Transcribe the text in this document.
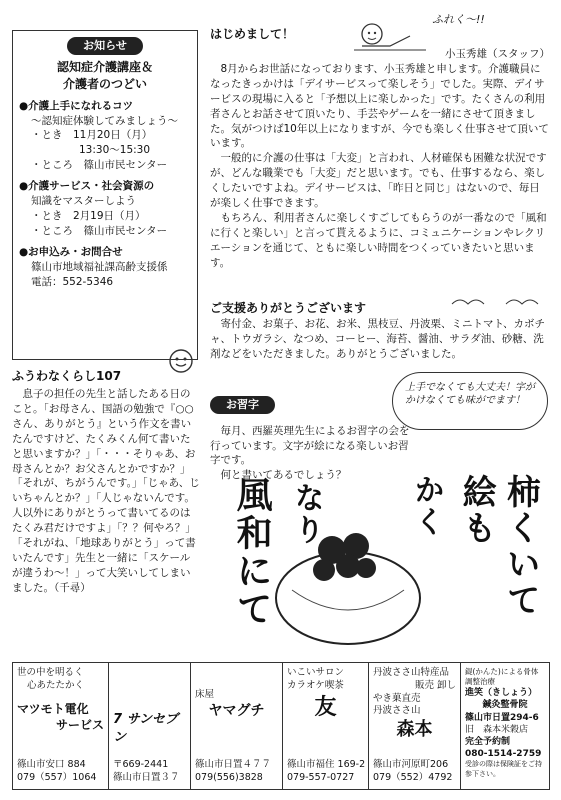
お知らせ
認知症介護講座＆
介護者のつどい
●介護上手になれるコツ
～認知症体験してみましょう～
・とき　11月20日（月）
13:30～15:30
・ところ　篠山市民センター
●介護サービス・社会資源の
知識をマスターしよう
・とき　2月19日（月）
・ところ　篠山市民センター
●お申込み・お問合せ
篠山市地域福祉課高齢支援係
電話：552-5346
ふうわなくらし107

息子の担任の先生と話したある日のこと。「お母さん、国語の勉強で『○○さん、ありがとう』という作文を書いたんですけど、たくみくん何て書いたと思いますか？」「・・・そりゃあ、お母さんとか？お父さんとかですか？」「それが、ちがうんです。」「じゃあ、じいちゃんとか？」「人じゃないんです。人以外にありがとうって書いてるのはたくみ君だけですよ」「？？何やろ？」「それがね、「地球ありがとう」って書いたんです」先生と一緒に「スケールが違うわ～！」って大笑いしてしまいました。（千尋）

はじめまして！
ふれく～!!
小玉秀雄（スタッフ）

8月からお世話になっております、小玉秀雄と申します。介護職員になったきっかけは「デイサービスって楽しそう」でした。実際、デイサービスの現場に入ると「予想以上に楽しかった」です。たくさんの利用者さんとお話させて頂いたり、手芸やゲームを一緒にさせて頂きました。気がつけば10年以上になりますが、今でも楽しく仕事させて頂いています。

一般的に介護の仕事は「大変」と言われ、人材確保も困難な状況ですが、どんな職業でも「大変」だと思います。でも、仕事するなら、楽しくしたいですよね。デイサービスは、「昨日と同じ」はないので、毎日が楽しく仕事できます。

もちろん、利用者さんに楽しくすごしてもらうのが一番なので「風和に行くと楽しい」と言って貰えるように、コミュニケーションやレクリエーションを通じて、ともに楽しい時間をつくっていきたいと思います。

ご支援ありがとうございます

寄付金、お菓子、お花、お米、黒枝豆、丹波栗、ミニトマト、カボチャ、トウガラシ、なつめ、コーヒー、海苔、醤油、サラダ油、砂糖、洗剤などをいただきました。ありがとうございました。

お習字

毎月、西羅英理先生によるお習字の会を行っています。文字が絵になる楽しいお習字です。

何と書いてあるでしょう？

上手でなくても大丈夫！字がかけなくても味がでます！
柿くいて
絵も
かく
なり
風和にて
世の中を明るく
心あたたかく
マツモト電化
サービス
篠山市安口 884
079（557）1064
7 サンセブン
〒669-2441
篠山市日置３７
床屋
ヤマグチ
篠山市日置４７７
079(556)3828
いこいサロン
カラオケ喫茶
友
篠山市福住 169-2
079-557-0727
丹波ささ山特産品
販売 卸し
やき菓直売
丹波ささ山
森本
篠山市河原町206
079（552）4792
鍉(かんた)による骨体調整治療
進笑（きしょう）
鍼灸整骨院
篠山市日置294-6
旧　森本米穀店
完全予約制
080-1514-2759
受診の際は保険証をご持参下さい。
